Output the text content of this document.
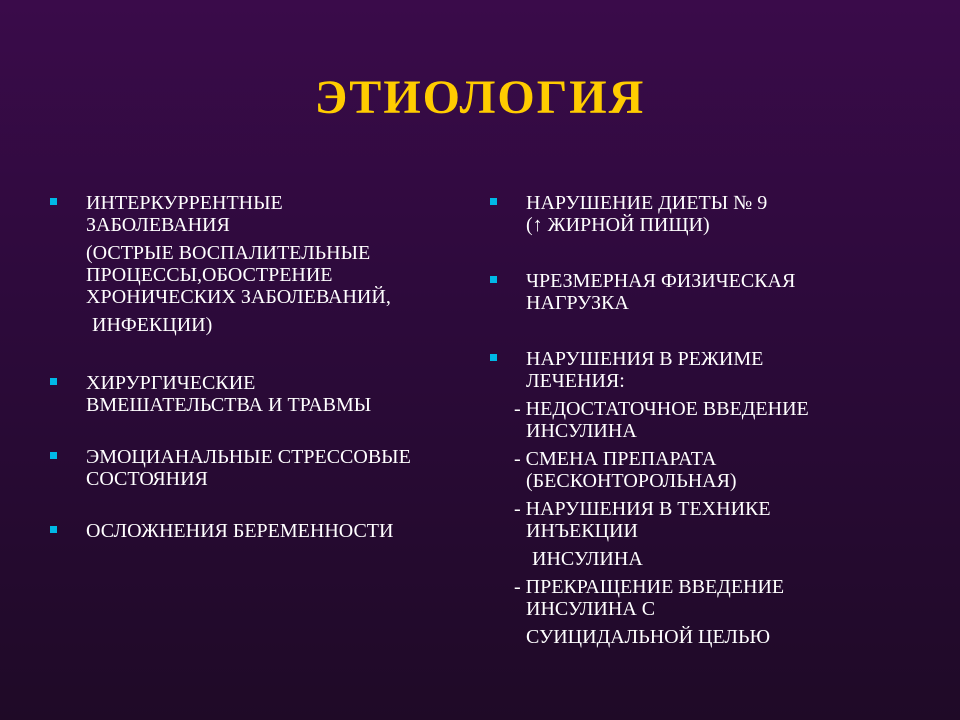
ЭТИОЛОГИЯ
ИНТЕРКУРРЕНТНЫЕ
ЗАБОЛЕВАНИЯ
(ОСТРЫЕ ВОСПАЛИТЕЛЬНЫЕ
ПРОЦЕССЫ,ОБОСТРЕНИЕ
ХРОНИЧЕСКИХ ЗАБОЛЕВАНИЙ,
ИНФЕКЦИИ)
ХИРУРГИЧЕСКИЕ
ВМЕШАТЕЛЬСТВА И ТРАВМЫ
ЭМОЦИАНАЛЬНЫЕ СТРЕССОВЫЕ
СОСТОЯНИЯ
ОСЛОЖНЕНИЯ БЕРЕМЕННОСТИ
НАРУШЕНИЕ ДИЕТЫ № 9
(↑ ЖИРНОЙ ПИЩИ)
ЧРЕЗМЕРНАЯ ФИЗИЧЕСКАЯ
НАГРУЗКА
НАРУШЕНИЯ В РЕЖИМЕ
ЛЕЧЕНИЯ:
- НЕДОСТАТОЧНОЕ ВВЕДЕНИЕ
ИНСУЛИНА
- СМЕНА ПРЕПАРАТА
(БЕСКОНТОРОЛЬНАЯ)
- НАРУШЕНИЯ В ТЕХНИКЕ
ИНЪЕКЦИИ
ИНСУЛИНА
- ПРЕКРАЩЕНИЕ ВВЕДЕНИЕ
ИНСУЛИНА С
СУИЦИДАЛЬНОЙ ЦЕЛЬЮ
